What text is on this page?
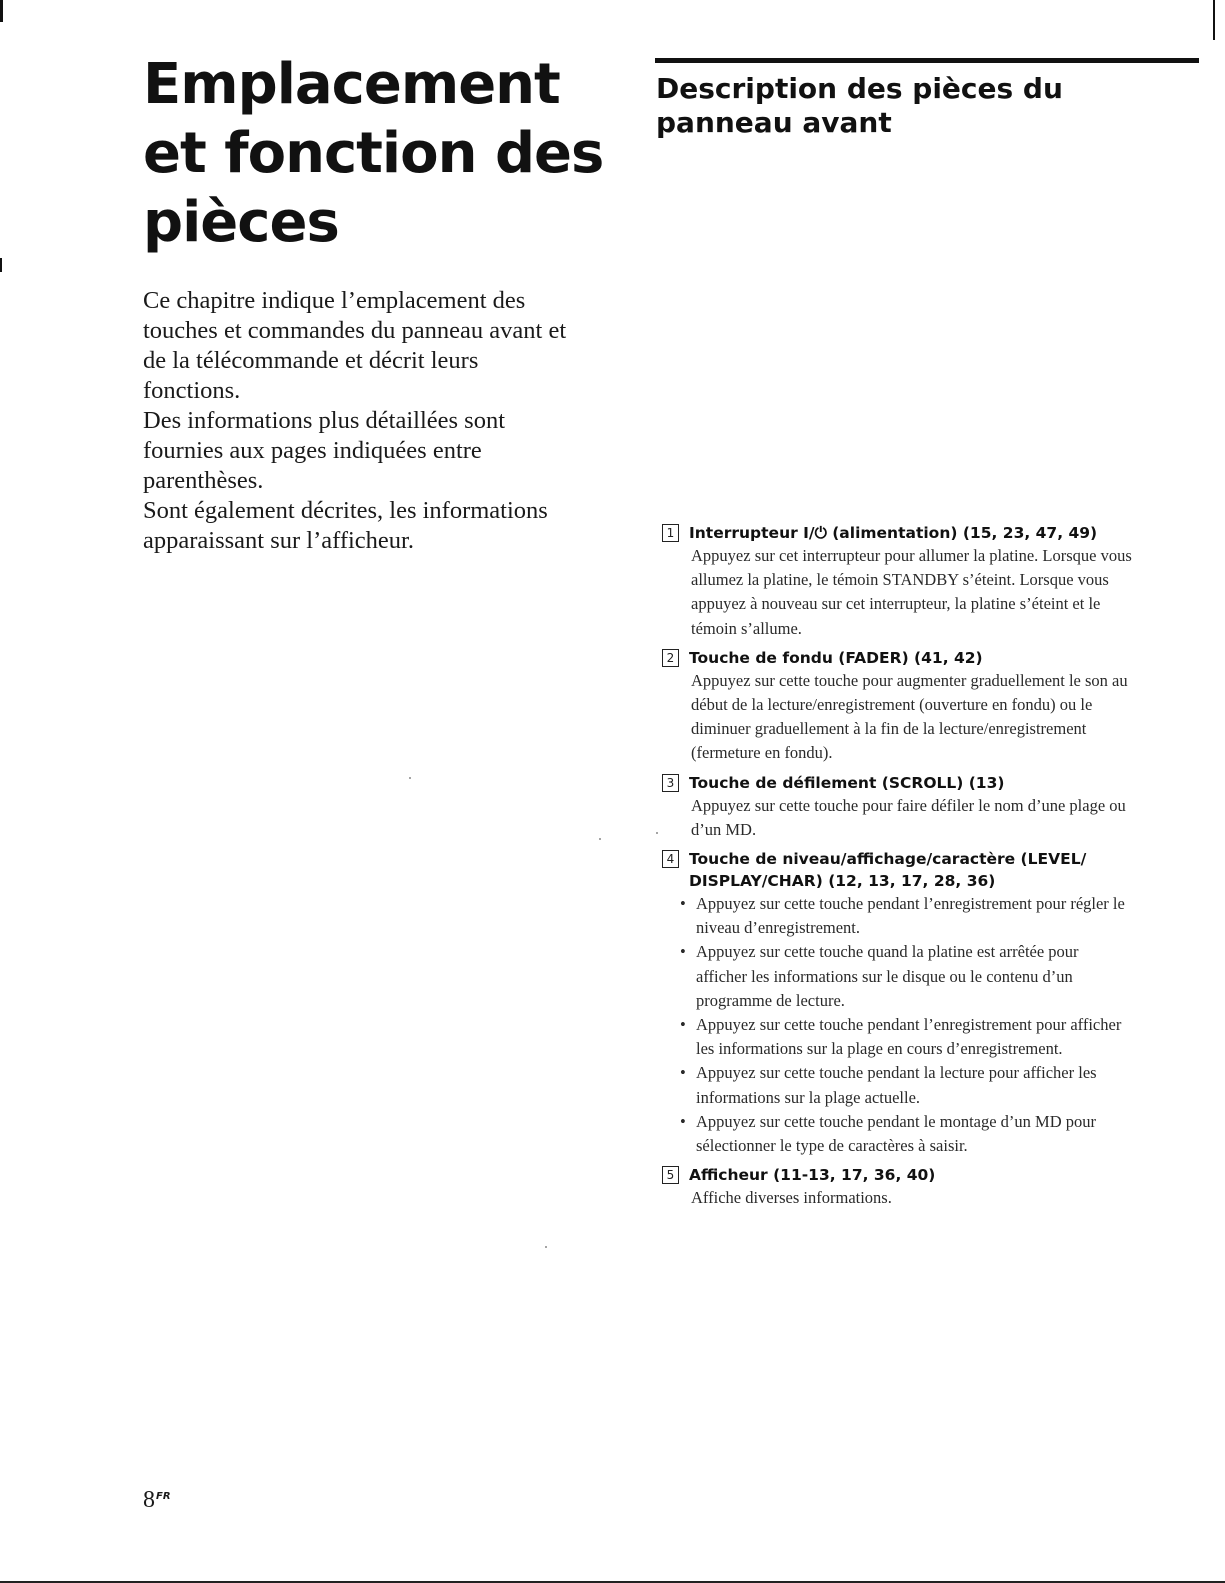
Emplacement
et fonction des
pièces

Ce chapitre indique l’emplacement des touches et commandes du panneau avant et de la télécommande et décrit leurs fonctions.

Des informations plus détaillées sont fournies aux pages indiquées entre parenthèses.

Sont également décrites, les informations apparaissant sur l’afficheur.

Description des pièces du
panneau avant
1 Interrupteur I/⏻ (alimentation) (15, 23, 47, 49)

Appuyez sur cet interrupteur pour allumer la platine. Lorsque vous allumez la platine, le témoin STANDBY s’éteint. Lorsque vous appuyez à nouveau sur cet interrupteur, la platine s’éteint et le témoin s’allume.

2 Touche de fondu (FADER) (41, 42)

Appuyez sur cette touche pour augmenter graduellement le son au début de la lecture/enregistrement (ouverture en fondu) ou le diminuer graduellement à la fin de la lecture/enregistrement (fermeture en fondu).

3 Touche de défilement (SCROLL) (13)

Appuyez sur cette touche pour faire défiler le nom d’une plage ou d’un MD.

4 Touche de niveau/affichage/caractère (LEVEL/ DISPLAY/CHAR) (12, 13, 17, 28, 36)
• Appuyez sur cette touche pendant l’enregistrement pour régler le niveau d’enregistrement.
• Appuyez sur cette touche quand la platine est arrêtée pour afficher les informations sur le disque ou le contenu d’un programme de lecture.
• Appuyez sur cette touche pendant l’enregistrement pour afficher les informations sur la plage en cours d’enregistrement.
• Appuyez sur cette touche pendant la lecture pour afficher les informations sur la plage actuelle.
• Appuyez sur cette touche pendant le montage d’un MD pour sélectionner le type de caractères à saisir.
5 Afficheur (11-13, 17, 36, 40)

Affiche diverses informations.

$8^{FR}$
